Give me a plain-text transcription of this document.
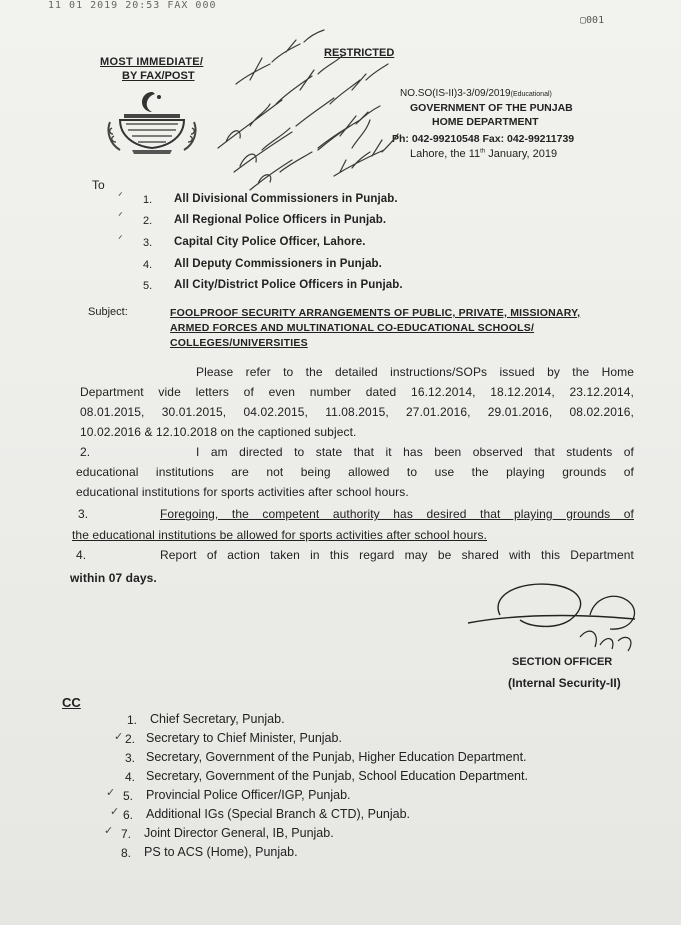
11 01 2019 20:53 FAX 000
▢001
MOST IMMEDIATE/
BY FAX/POST
RESTRICTED
NO.SO(IS-II)3-3/09/2019(Educational)
GOVERNMENT OF THE PUNJAB
HOME DEPARTMENT
Ph: 042-99210548 Fax: 042-99211739
Lahore, the 11th January, 2019
To
ᐟ 1. All Divisional Commissioners in Punjab.
ᐟ 2. All Regional Police Officers in Punjab.
ᐟ 3. Capital City Police Officer, Lahore.
4. All Deputy Commissioners in Punjab.
5. All City/District Police Officers in Punjab.
Subject:	FOOLPROOF SECURITY ARRANGEMENTS OF PUBLIC, PRIVATE, MISSIONARY,
ARMED FORCES AND MULTINATIONAL CO-EDUCATIONAL SCHOOLS/
COLLEGES/UNIVERSITIES
Please refer to the detailed instructions/SOPs issued by the Home
Department vide letters of even number dated 16.12.2014, 18.12.2014, 23.12.2014,
08.01.2015, 30.01.2015, 04.02.2015, 11.08.2015, 27.01.2016, 29.01.2016, 08.02.2016,
10.02.2016 & 12.10.2018 on the captioned subject.
2.	I am directed to state that it has been observed that students of
educational institutions are not being allowed to use the playing grounds of
educational institutions for sports activities after school hours.
3.	Foregoing, the competent authority has desired that playing grounds of
the educational institutions be allowed for sports activities after school hours.
4.	Report of action taken in this regard may be shared with this Department
within 07 days.
SECTION OFFICER
(Internal Security-II)
CC
1. Chief Secretary, Punjab.
✓ 2. Secretary to Chief Minister, Punjab.
3. Secretary, Government of the Punjab, Higher Education Department.
4. Secretary, Government of the Punjab, School Education Department.
✓ 5. Provincial Police Officer/IGP, Punjab.
✓ 6. Additional IGs (Special Branch & CTD), Punjab.
✓ 7. Joint Director General, IB, Punjab.
8. PS to ACS (Home), Punjab.
